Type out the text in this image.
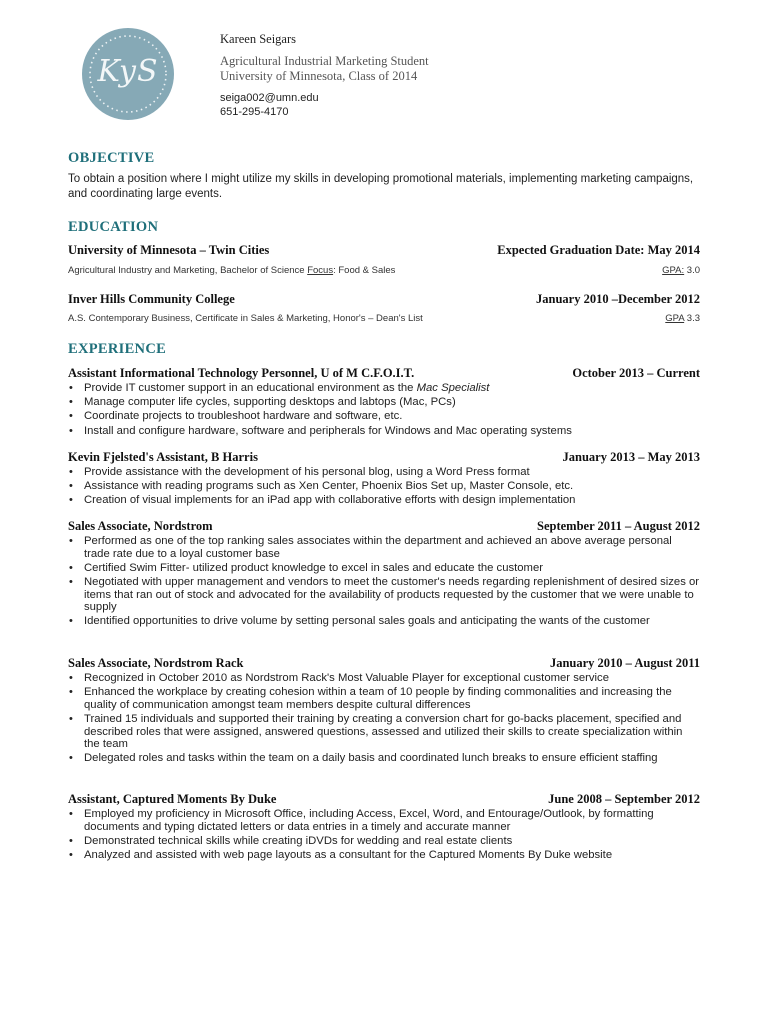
KyS
Kareen Seigars
Agricultural Industrial Marketing Student
University of Minnesota, Class of 2014
seiga002@umn.edu
651-295-4170
OBJECTIVE
To obtain a position where I might utilize my skills in developing promotional materials, implementing marketing campaigns, and coordinating large events.
EDUCATION
University of Minnesota – Twin Cities	Expected Graduation Date: May 2014
Agricultural Industry and Marketing, Bachelor of Science Focus: Food & Sales	GPA: 3.0
Inver Hills Community College	January 2010 –December 2012
A.S. Contemporary Business, Certificate in Sales & Marketing, Honor's – Dean's List	GPA 3.3
EXPERIENCE
Assistant Informational Technology Personnel, U of M C.F.O.I.T.	October 2013 – Current
• Provide IT customer support in an educational environment as the Mac Specialist
• Manage computer life cycles, supporting desktops and labtops (Mac, PCs)
• Coordinate projects to troubleshoot hardware and software, etc.
• Install and configure hardware, software and peripherals for Windows and Mac operating systems
Kevin Fjelsted's Assistant, B Harris	January 2013 – May 2013
• Provide assistance with the development of his personal blog, using a Word Press format
• Assistance with reading programs such as Xen Center, Phoenix Bios Set up, Master Console, etc.
• Creation of visual implements for an iPad app with collaborative efforts with design implementation
Sales Associate, Nordstrom	September 2011 – August 2012
• Performed as one of the top ranking sales associates within the department and achieved an above average personal trade rate due to a loyal customer base
• Certified Swim Fitter- utilized product knowledge to excel in sales and educate the customer
• Negotiated with upper management and vendors to meet the customer's needs regarding replenishment of desired sizes or items that ran out of stock and advocated for the availability of products requested by the customer that we were unable to supply
• Identified opportunities to drive volume by setting personal sales goals and anticipating the wants of the customer
Sales Associate, Nordstrom Rack	January 2010 – August 2011
• Recognized in October 2010 as Nordstrom Rack's Most Valuable Player for exceptional customer service
• Enhanced the workplace by creating cohesion within a team of 10 people by finding commonalities and increasing the quality of communication amongst team members despite cultural differences
• Trained 15 individuals and supported their training by creating a conversion chart for go-backs placement, specified and described roles that were assigned, answered questions, assessed and utilized their skills to create specialization within the team
• Delegated roles and tasks within the team on a daily basis and coordinated lunch breaks to ensure efficient staffing
Assistant, Captured Moments By Duke	June 2008 – September 2012
• Employed my proficiency in Microsoft Office, including Access, Excel, Word, and Entourage/Outlook, by formatting documents and typing dictated letters or data entries in a timely and accurate manner
• Demonstrated technical skills while creating iDVDs for wedding and real estate clients
• Analyzed and assisted with web page layouts as a consultant for the Captured Moments By Duke website
